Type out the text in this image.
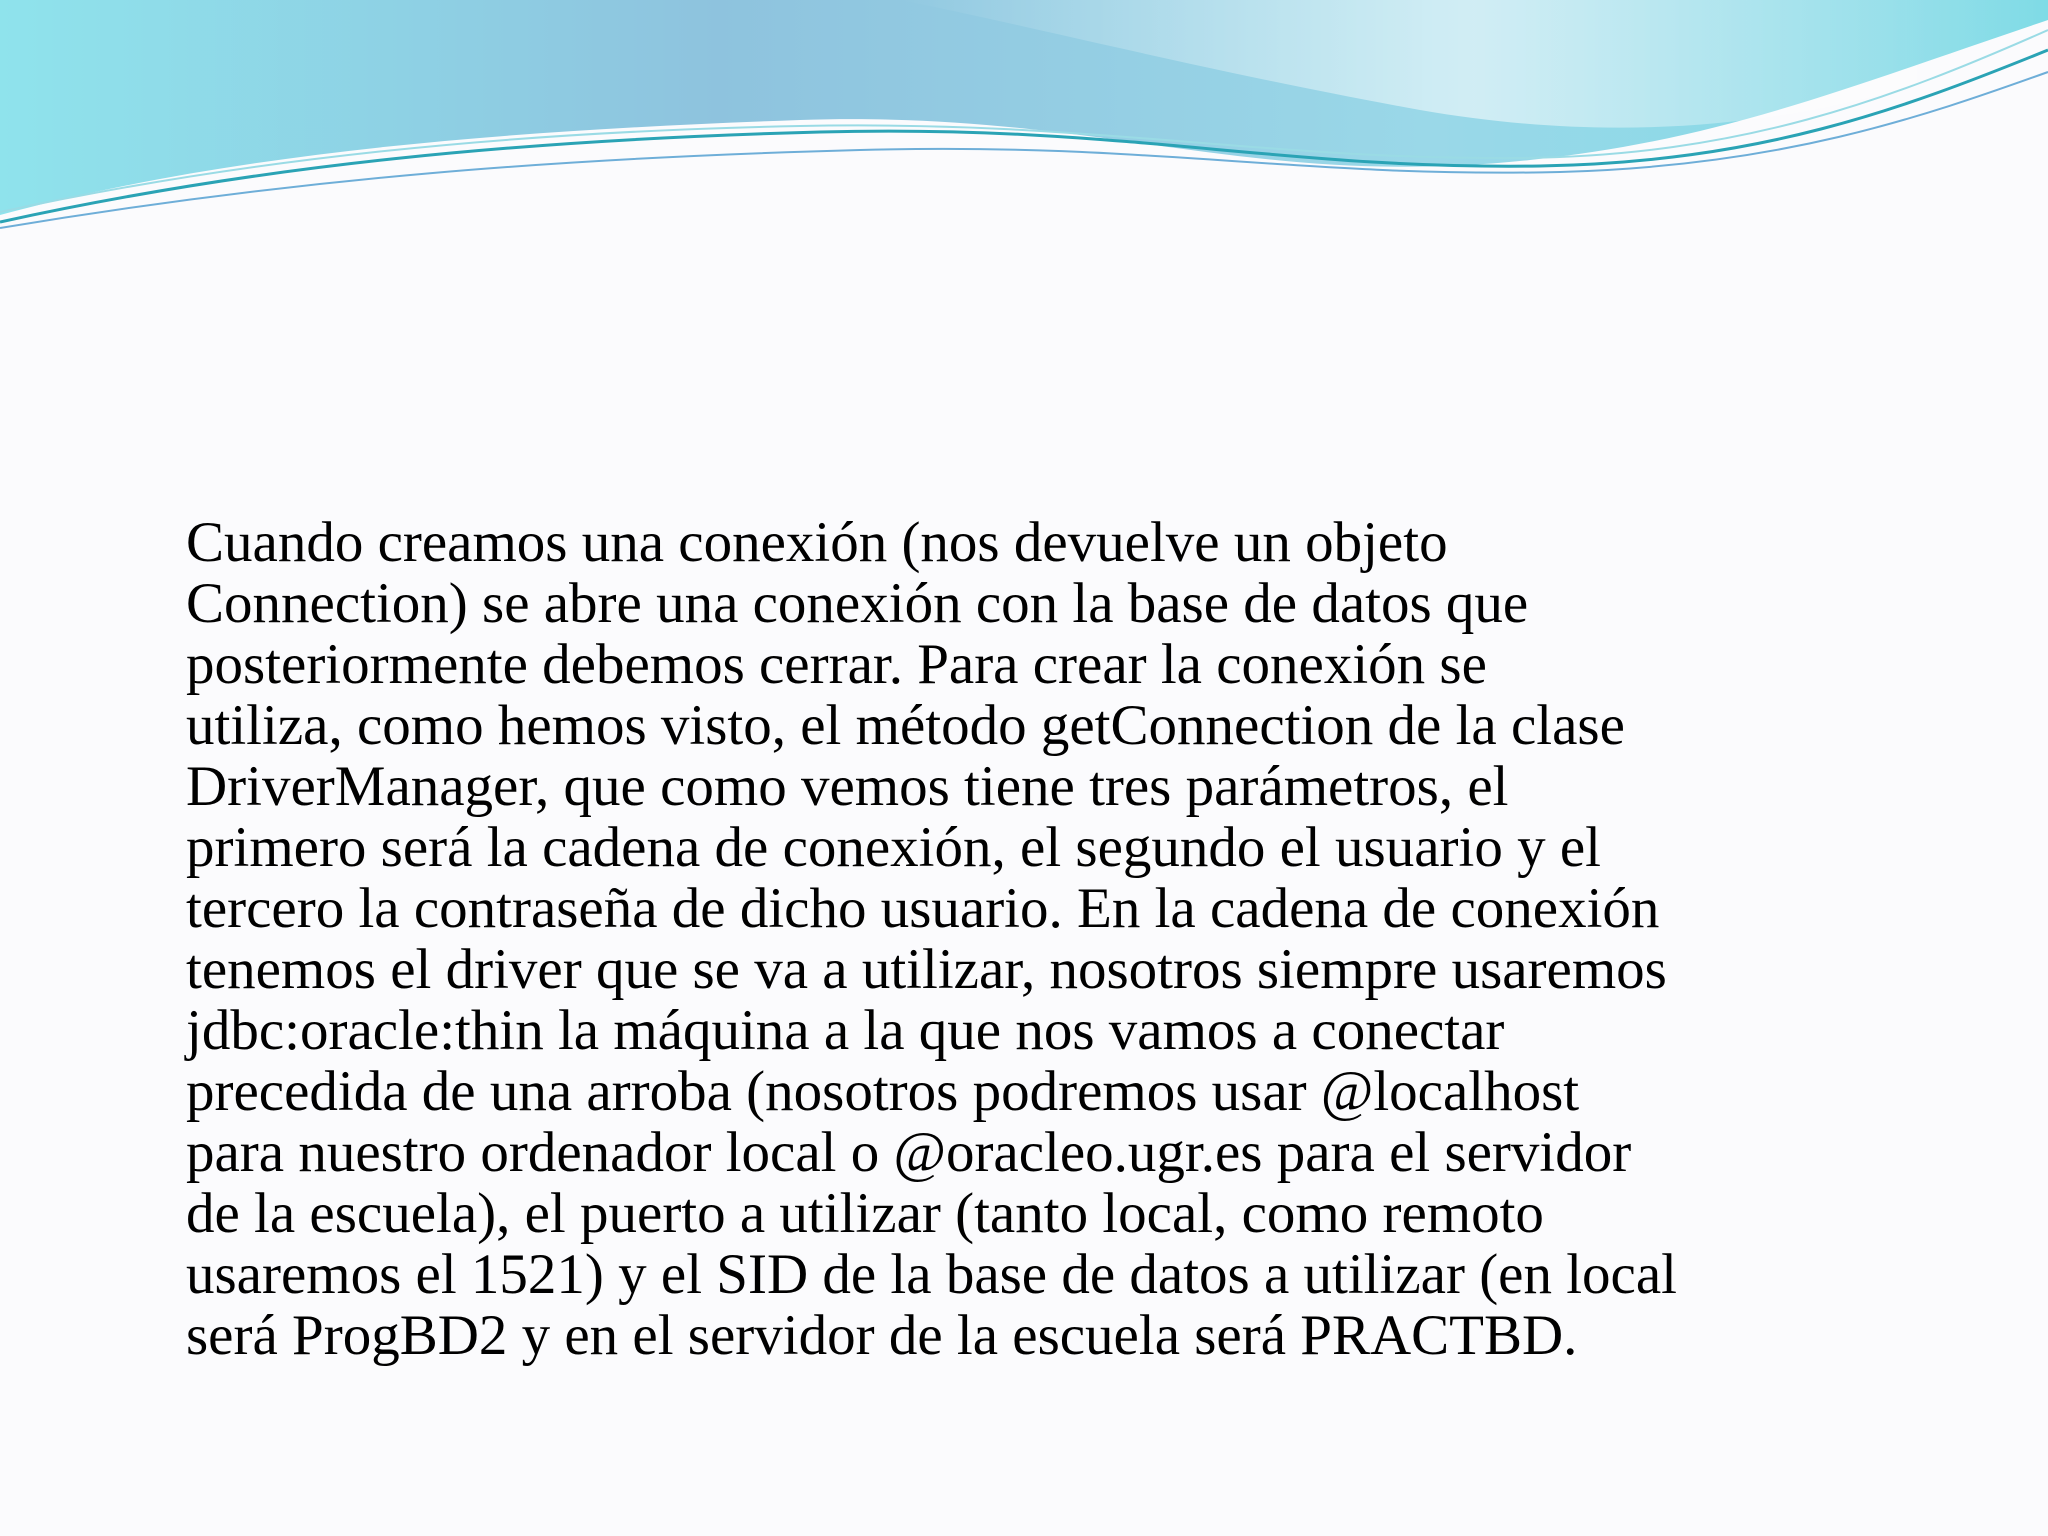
Cuando creamos una conexión (nos devuelve un objeto
Connection) se abre una conexión con la base de datos que
posteriormente debemos cerrar. Para crear la conexión se
utiliza, como hemos visto, el método getConnection de la clase
DriverManager, que como vemos tiene tres parámetros, el
primero será la cadena de conexión, el segundo el usuario y el
tercero la contraseña de dicho usuario. En la cadena de conexión
tenemos el driver que se va a utilizar, nosotros siempre usaremos
jdbc:oracle:thin la máquina a la que nos vamos a conectar
precedida de una arroba (nosotros podremos usar @localhost
para nuestro ordenador local o @oracleo.ugr.es para el servidor
de la escuela), el puerto a utilizar (tanto local, como remoto
usaremos el 1521) y el SID de la base de datos a utilizar (en local
será ProgBD2 y en el servidor de la escuela será PRACTBD.
